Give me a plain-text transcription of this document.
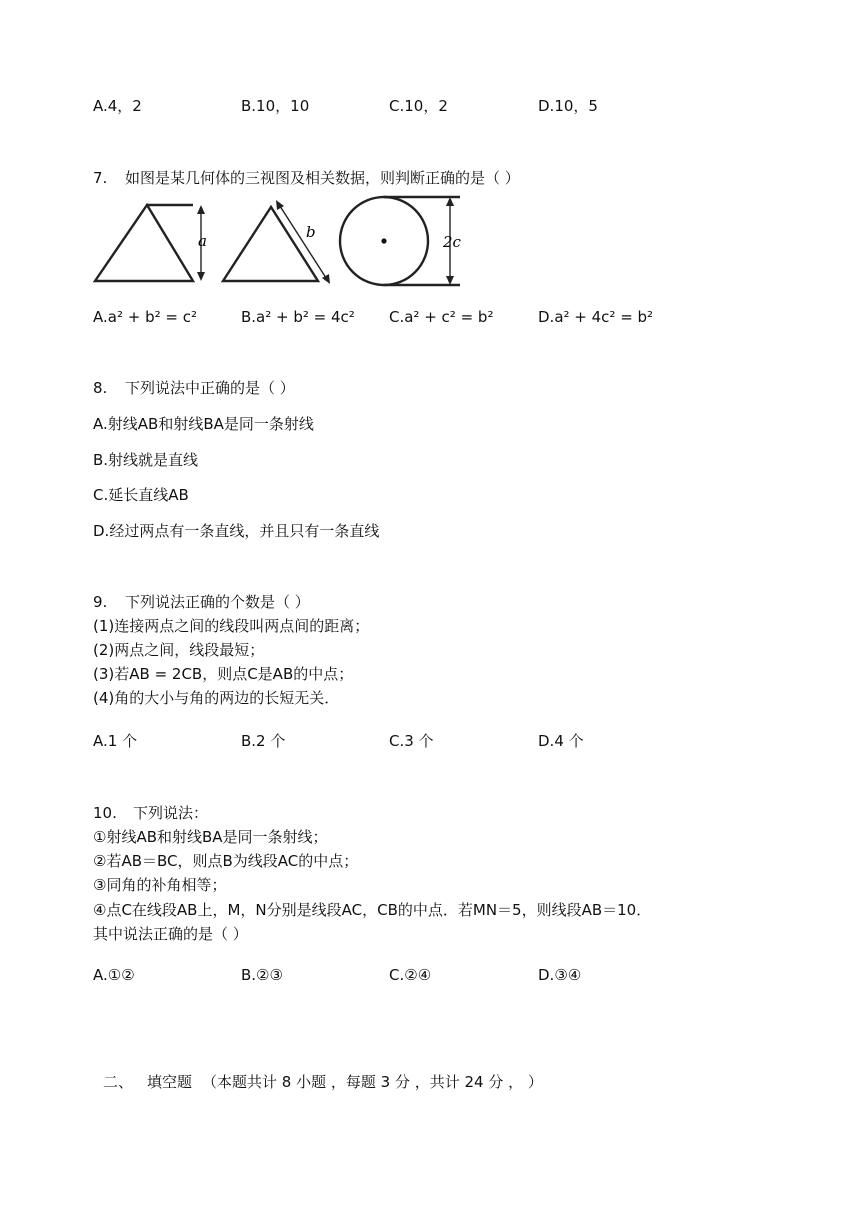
A.4，2	B.10，10	C.10，2	D.10，5
7. 如图是某几何体的三视图及相关数据，则判断正确的是（ ）
a	b
2c
A.a² + b² = c²	B.a² + b² = 4c² C.a² + c² = b²	D.a² + 4c² = b²
8. 下列说法中正确的是（ ）
A.射线AB和射线BA是同一条射线
B.射线就是直线
C.延长直线AB
D.经过两点有一条直线，并且只有一条直线
9. 下列说法正确的个数是（ ）
(1)连接两点之间的线段叫两点间的距离；
(2)两点之间，线段最短；
(3)若AB = 2CB，则点C是AB的中点；
(4)角的大小与角的两边的长短无关．
A.1 个	B.2 个	C.3 个	D.4 个
10. 下列说法：
①射线AB和射线BA是同一条射线；
②若AB＝BC，则点B为线段AC的中点；
③同角的补角相等；
④点C在线段AB上，M，N分别是线段AC，CB的中点．若MN＝5，则线段AB＝10．
其中说法正确的是（ ）
A.①②	B.②③	C.②④	D.③④
二、 填空题 （本题共计 8 小题 ，每题 3 分 ，共计 24 分 ， ）
